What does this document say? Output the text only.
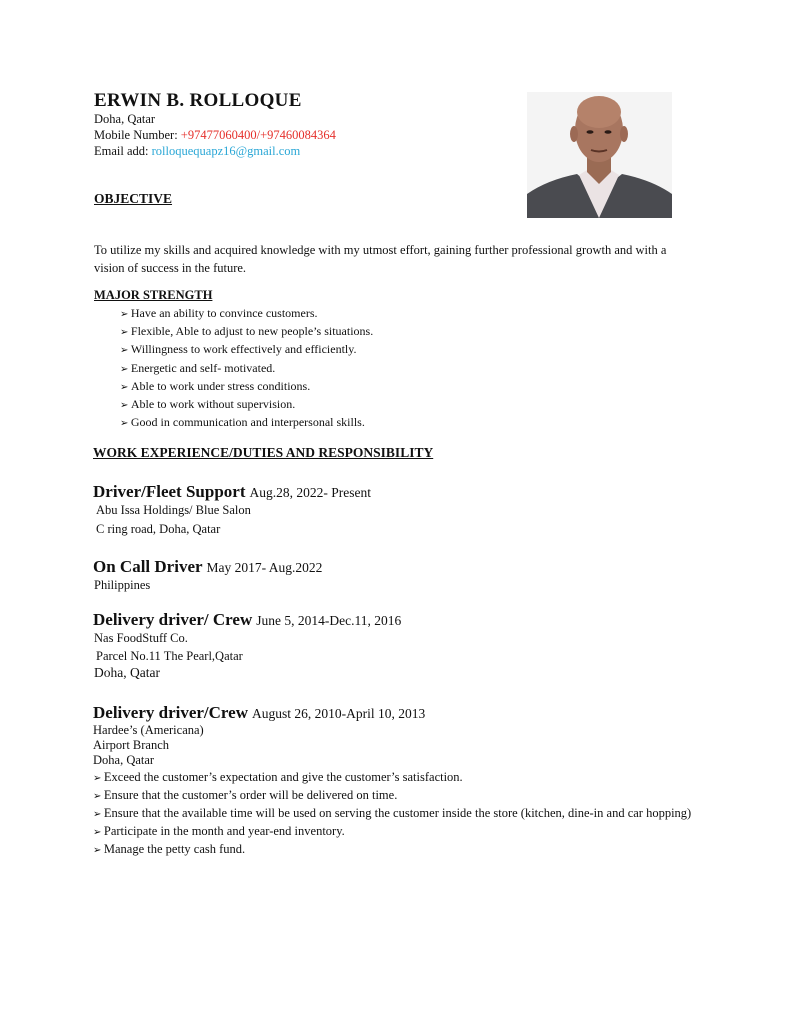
ERWIN B. ROLLOQUE
Doha, Qatar
Mobile Number: +97477060400/+97460084364
Email add: rolloquequapz16@gmail.com
OBJECTIVE
To utilize my skills and acquired knowledge with my utmost effort, gaining further professional growth and with a vision of success in the future.
MAJOR STRENGTH
➢ Have an ability to convince customers.
➢ Flexible, Able to adjust to new people’s situations.
➢ Willingness to work effectively and efficiently.
➢ Energetic and self- motivated.
➢ Able to work under stress conditions.
➢ Able to work without supervision.
➢ Good in communication and interpersonal skills.
WORK EXPERIENCE/DUTIES AND RESPONSIBILITY
Driver/Fleet Support Aug.28, 2022- Present
Abu Issa Holdings/ Blue Salon
C ring road, Doha, Qatar
On Call Driver May 2017- Aug.2022
Philippines
Delivery driver/ Crew June 5, 2014-Dec.11, 2016
Nas FoodStuff Co.
Parcel No.11 The Pearl,Qatar
Doha, Qatar
Delivery driver/Crew August 26, 2010-April 10, 2013
Hardee’s (Americana)
Airport Branch
Doha, Qatar
➢ Exceed the customer’s expectation and give the customer’s satisfaction.
➢ Ensure that the customer’s order will be delivered on time.
➢ Ensure that the available time will be used on serving the customer inside the store (kitchen, dine-in and car hopping)
➢ Participate in the month and year-end inventory.
➢ Manage the petty cash fund.
